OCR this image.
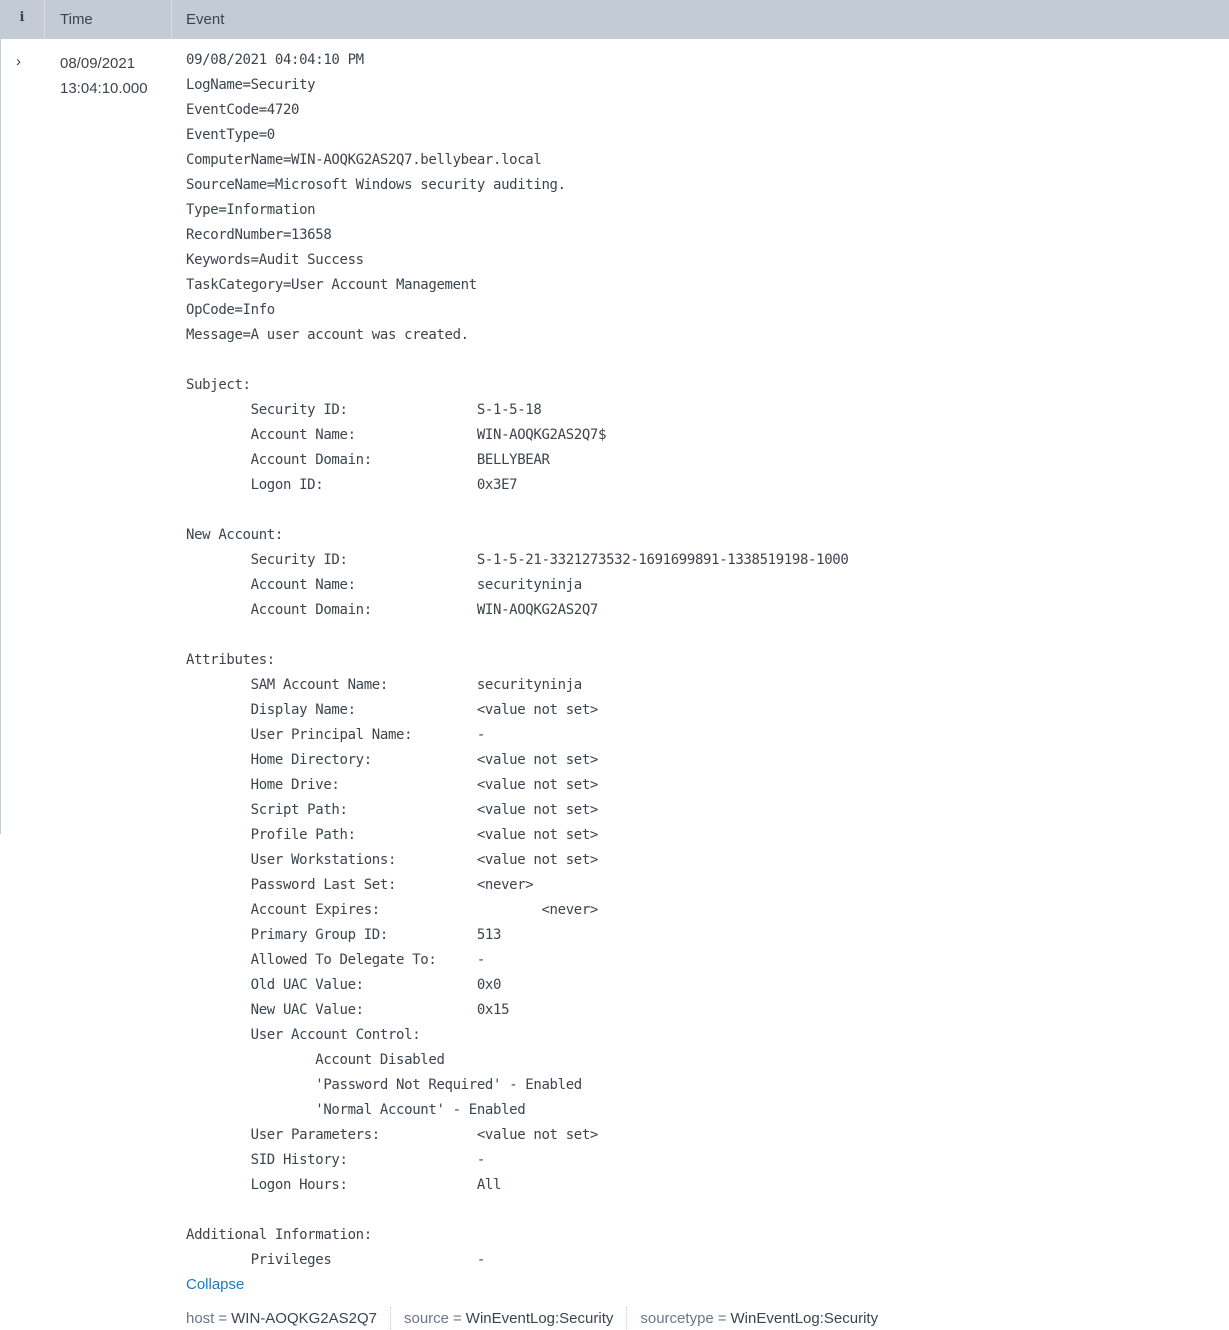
i Time	Event
›	08/09/2021
13:04:10.000
09/08/2021 04:04:10 PM
LogName=Security
EventCode=4720
EventType=0
ComputerName=WIN-AOQKG2AS2Q7.bellybear.local
SourceName=Microsoft Windows security auditing.
Type=Information
RecordNumber=13658
Keywords=Audit Success
TaskCategory=User Account Management
OpCode=Info
Message=A user account was created.

Subject:
Security ID:                S-1-5-18
Account Name:               WIN-AOQKG2AS2Q7$
Account Domain:             BELLYBEAR
Logon ID:                   0x3E7

New Account:
Security ID:                S-1-5-21-3321273532-1691699891-1338519198-1000
Account Name:               securityninja
Account Domain:             WIN-AOQKG2AS2Q7

Attributes:
SAM Account Name:           securityninja
Display Name:               <value not set>
User Principal Name:        -
Home Directory:             <value not set>
Home Drive:                 <value not set>
Script Path:                <value not set>
Profile Path:               <value not set>
User Workstations:          <value not set>
Password Last Set:          <never>
Account Expires:                    <never>
Primary Group ID:           513
Allowed To Delegate To:     -
Old UAC Value:              0x0
New UAC Value:              0x15
User Account Control:
Account Disabled
'Password Not Required' - Enabled
'Normal Account' - Enabled
User Parameters:            <value not set>
SID History:                -
Logon Hours:                All

Additional Information:
Privileges                  -
Collapse
host = WIN-AOQKG2AS2Q7 source = WinEventLog:Security sourcetype = WinEventLog:Security
